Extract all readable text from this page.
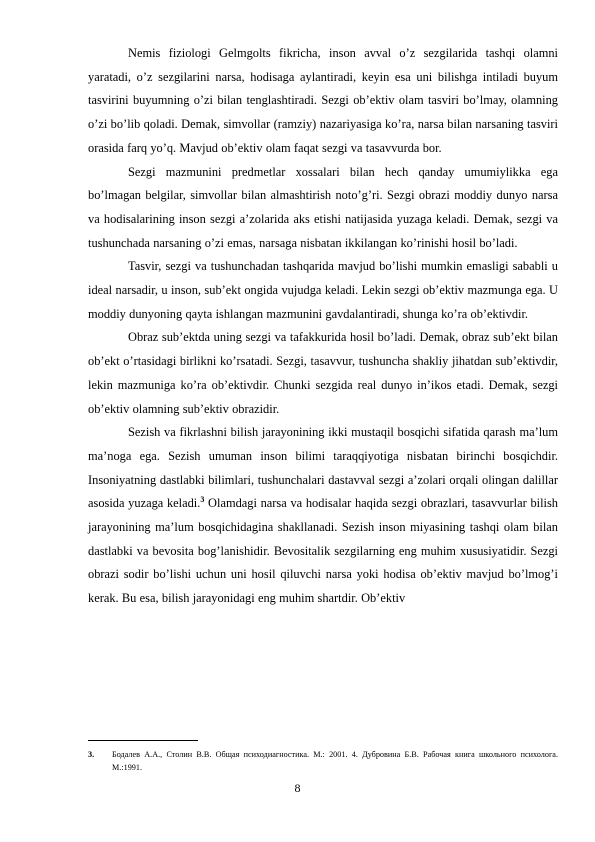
Nemis fiziologi Gelmgolts fikricha, inson avval o’z sezgilarida tashqi olamni yaratadi, o’z sezgilarini narsa, hodisaga aylantiradi, keyin esa uni bilishga intiladi buyum tasvirini buyumning o’zi bilan tenglashtiradi. Sezgi ob’ektiv olam tasviri bo’lmay, olamning o’zi bo’lib qoladi. Demak, simvollar (ramziy) nazariyasiga ko’ra, narsa bilan narsaning tasviri orasida farq yo’q. Mavjud ob’ektiv olam faqat sezgi va tasavvurda bor.

Sezgi mazmunini predmetlar xossalari bilan hech qanday umumiylikka ega bo’lmagan belgilar, simvollar bilan almashtirish noto’g’ri. Sezgi obrazi moddiy dunyo narsa va hodisalarining inson sezgi a’zolarida aks etishi natijasida yuzaga keladi. Demak, sezgi va tushunchada narsaning o’zi emas, narsaga nisbatan ikkilangan ko’rinishi hosil bo’ladi.

Tasvir, sezgi va tushunchadan tashqarida mavjud bo’lishi mumkin emasligi sababli u ideal narsadir, u inson, sub’ekt ongida vujudga keladi. Lekin sezgi ob’ektiv mazmunga ega. U moddiy dunyoning qayta ishlangan mazmunini gavdalantiradi, shunga ko’ra ob’ektivdir.

Obraz sub’ektda uning sezgi va tafakkurida hosil bo’ladi. Demak, obraz sub’ekt bilan ob’ekt o’rtasidagi birlikni ko’rsatadi. Sezgi, tasavvur, tushuncha shakliy jihatdan sub’ektivdir, lekin mazmuniga ko’ra ob’ektivdir. Chunki sezgida real dunyo in’ikos etadi. Demak, sezgi ob’ektiv olamning sub’ektiv obrazidir.

Sezish va fikrlashni bilish jarayonining ikki mustaqil bosqichi sifatida qarash ma’lum ma’noga ega. Sezish umuman inson bilimi taraqqiyotiga nisbatan birinchi bosqichdir. Insoniyatning dastlabki bilimlari, tushunchalari dastavval sezgi a’zolari orqali olingan dalillar asosida yuzaga keladi.$^3$ Olamdagi narsa va hodisalar haqida sezgi obrazlari, tasavvurlar bilish jarayonining ma’lum bosqichidagina shakllanadi. Sezish inson miyasining tashqi olam bilan dastlabki va bevosita bog’lanishidir. Bevositalik sezgilarning eng muhim xususiyatidir. Sezgi obrazi sodir bo’lishi uchun uni hosil qiluvchi narsa yoki hodisa ob’ektiv mavjud bo’lmog’i kerak. Bu esa, bilish jarayonidagi eng muhim shartdir. Ob’ektiv

3.	Бодалев А.А., Столин В.В. Общая психодиагностика. М.: 2001. 4. Дубровина Б.В. Рабочая книга школьного психолога. М.:1991.
8
